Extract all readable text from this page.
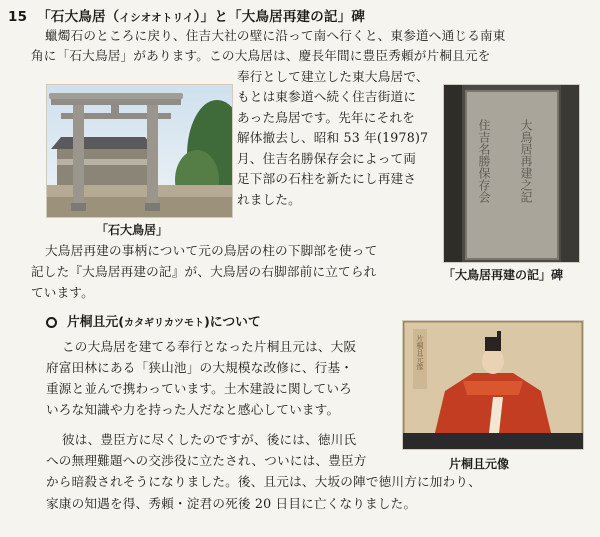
15 「石大鳥居（イシオオトリイ）」と「大鳥居再建の記」碑
蠟燭石のところに戻り、住吉大社の壁に沿って南へ行くと、東参道へ通じる南東
角に「石大鳥居」があります。この大鳥居は、慶長年間に豊臣秀頼が片桐且元を
奉行として建立した東大鳥居で、
もとは東参道へ続く住吉街道に
あった鳥居です。先年にそれを
解体撤去し、昭和 53 年(1978)7
月、住吉名勝保存会によって両
足下部の石柱を新たにし再建さ
れました。
「石大鳥居」
住吉名勝保存会 大鳥居再建之記
大鳥居再建の事柄について元の鳥居の柱の下脚部を使って
記した『大鳥居再建の記』が、大鳥居の右脚部前に立てられ
ています。
「大鳥居再建の記」碑
片桐且元(カタギリカツモト)について
この大鳥居を建てる奉行となった片桐且元は、大阪
府富田林にある「狭山池」の大規模な改修に、行基・
重源と並んで携わっています。土木建設に関していろ
いろな知識や力を持った人だなと感心しています。
彼は、豊臣方に尽くしたのですが、後には、徳川氏
への無理難題への交渉役に立たされ、ついには、豊臣方
から暗殺されそうになりました。後、且元は、大坂の陣で徳川方に加わり、
家康の知遇を得、秀頼・淀君の死後 20 日目に亡くなりました。
片桐且元像
片桐且元像
